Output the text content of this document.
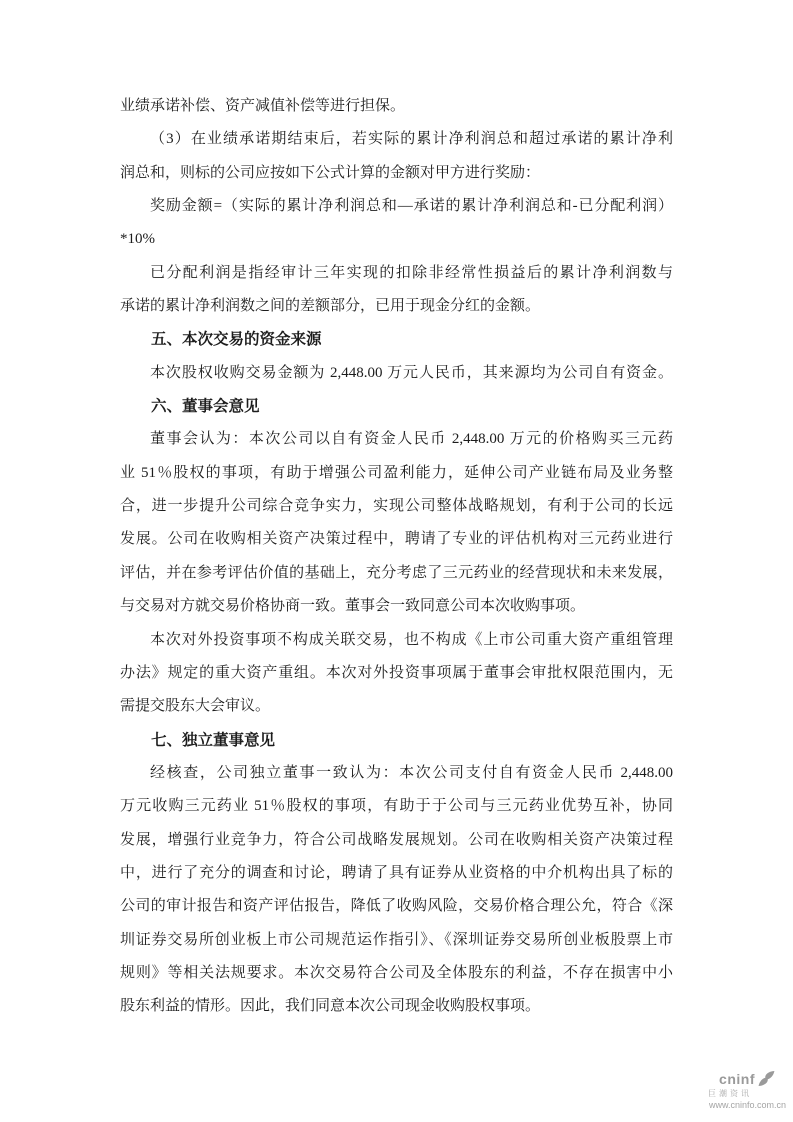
业绩承诺补偿、资产减值补偿等进行担保。
（3）在业绩承诺期结束后，若实际的累计净利润总和超过承诺的累计净利
润总和，则标的公司应按如下公式计算的金额对甲方进行奖励：
奖励金额=（实际的累计净利润总和—承诺的累计净利润总和-已分配利润）
*10%
已分配利润是指经审计三年实现的扣除非经常性损益后的累计净利润数与
承诺的累计净利润数之间的差额部分，已用于现金分红的金额。
五、本次交易的资金来源
本次股权收购交易金额为 2,448.00 万元人民币，其来源均为公司自有资金。
六、董事会意见
董事会认为：本次公司以自有资金人民币 2,448.00 万元的价格购买三元药
业 51％股权的事项，有助于增强公司盈利能力，延伸公司产业链布局及业务整
合，进一步提升公司综合竞争实力，实现公司整体战略规划，有利于公司的长远
发展。公司在收购相关资产决策过程中，聘请了专业的评估机构对三元药业进行
评估，并在参考评估价值的基础上，充分考虑了三元药业的经营现状和未来发展，
与交易对方就交易价格协商一致。董事会一致同意公司本次收购事项。
本次对外投资事项不构成关联交易，也不构成《上市公司重大资产重组管理
办法》规定的重大资产重组。本次对外投资事项属于董事会审批权限范围内，无
需提交股东大会审议。
七、独立董事意见
经核查，公司独立董事一致认为：本次公司支付自有资金人民币 2,448.00
万元收购三元药业 51％股权的事项，有助于于公司与三元药业优势互补，协同
发展，增强行业竞争力，符合公司战略发展规划。公司在收购相关资产决策过程
中，进行了充分的调查和讨论，聘请了具有证券从业资格的中介机构出具了标的
公司的审计报告和资产评估报告，降低了收购风险，交易价格合理公允，符合《深
圳证券交易所创业板上市公司规范运作指引》、《深圳证券交易所创业板股票上市
规则》等相关法规要求。本次交易符合公司及全体股东的利益，不存在损害中小
股东利益的情形。因此，我们同意本次公司现金收购股权事项。
cninf
巨潮资讯
www.cninfo.com.cn
